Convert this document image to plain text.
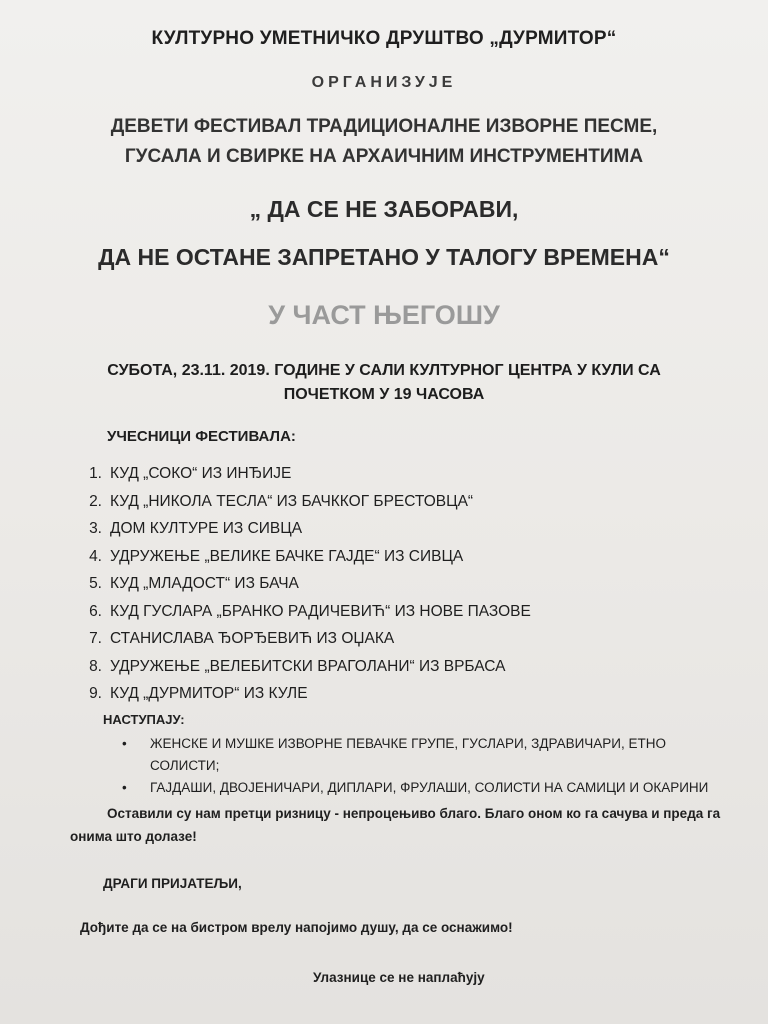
КУЛТУРНО УМЕТНИЧКО ДРУШТВО „ДУРМИТОР“
ОРГАНИЗУЈЕ
ДЕВЕТИ ФЕСТИВАЛ ТРАДИЦИОНАЛНЕ ИЗВОРНЕ ПЕСМЕ,
ГУСАЛА И СВИРКЕ НА АРХАИЧНИМ ИНСТРУМЕНТИМА
„ ДА СЕ НЕ ЗАБОРАВИ,
ДА НЕ ОСТАНЕ ЗАПРЕТАНО У ТАЛОГУ ВРЕМЕНА“
У ЧАСТ ЊЕГОШУ
СУБОТА, 23.11. 2019. ГОДИНЕ У САЛИ КУЛТУРНОГ ЦЕНТРА У КУЛИ СА
ПОЧЕТКОМ У 19 ЧАСОВА
УЧЕСНИЦИ ФЕСТИВАЛА:
1. КУД „СОКО“ ИЗ ИНЂИЈЕ
2. КУД „НИКОЛА ТЕСЛА“ ИЗ БАЧККОГ БРЕСТОВЦА“
3. ДОМ КУЛТУРЕ ИЗ СИВЦА
4. УДРУЖЕЊЕ „ВЕЛИКЕ БАЧКЕ ГАЈДЕ“ ИЗ СИВЦА
5. КУД „МЛАДОСТ“ ИЗ БАЧА
6. КУД ГУСЛАРА „БРАНКО РАДИЧЕВИЋ“ ИЗ НОВЕ ПАЗОВЕ
7. СТАНИСЛАВА ЂОРЂЕВИЋ ИЗ ОЏАКА
8. УДРУЖЕЊЕ „ВЕЛЕБИТСКИ ВРАГОЛАНИ“ ИЗ ВРБАСА
9. КУД „ДУРМИТОР“ ИЗ КУЛЕ
НАСТУПАЈУ:
• ЖЕНСКЕ И МУШКЕ ИЗВОРНЕ ПЕВАЧКЕ ГРУПЕ, ГУСЛАРИ, ЗДРАВИЧАРИ, ЕТНО СОЛИСТИ;
• ГАЈДАШИ, ДВОЈЕНИЧАРИ, ДИПЛАРИ, ФРУЛАШИ, СОЛИСТИ НА САМИЦИ И ОКАРИНИ
Оставили су нам претци ризницу - непроцењиво благо. Благо оном ко га сачува и преда га онима што долазе!
ДРАГИ ПРИЈАТЕЉИ,
Дођите да се на бистром врелу напојимо душу, да се оснажимо!
Улазнице се не наплаћују
